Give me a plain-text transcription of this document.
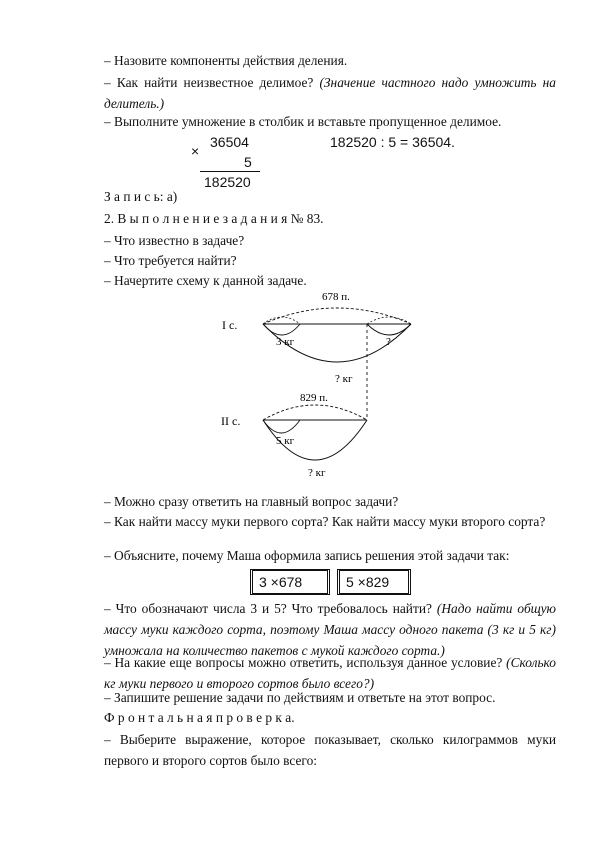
– Назовите компоненты действия деления.

– Как найти неизвестное делимое? (Значение частного надо умножить на делитель.)

– Выполните умножение в столбик и вставьте пропущенное делимое.

×
36504
5
182520
182520 : 5 = 36504.

З а п и с ь: а)

2. В ы п о л н е н и е з а д а н и я № 83.

– Что известно в задаче?

– Что требуется найти?

– Начертите схему к данной задаче.

I с.
II с.
678 п.
829 п.
3 кг	?
? кг
5 кг
? кг

– Можно сразу ответить на главный вопрос задачи?

– Как найти массу муки первого сорта? Как найти массу муки второго сорта?

– Объясните, почему Маша оформила запись решения этой задачи так:

3 ×678	5 ×829

– Что обозначают числа 3 и 5? Что требовалось найти? (Надо найти общую массу муки каждого сорта, поэтому Маша массу одного пакета (3 кг и 5 кг) умножала на количество пакетов с мукой каждого сорта.)

– На какие еще вопросы можно ответить, используя данное условие? (Сколько кг муки первого и второго сортов было всего?)

– Запишите решение задачи по действиям и ответьте на этот вопрос.

Ф р о н т а л ь н а я п р о в е р к а.

– Выберите выражение, которое показывает, сколько килограммов муки первого и второго сортов было всего:
